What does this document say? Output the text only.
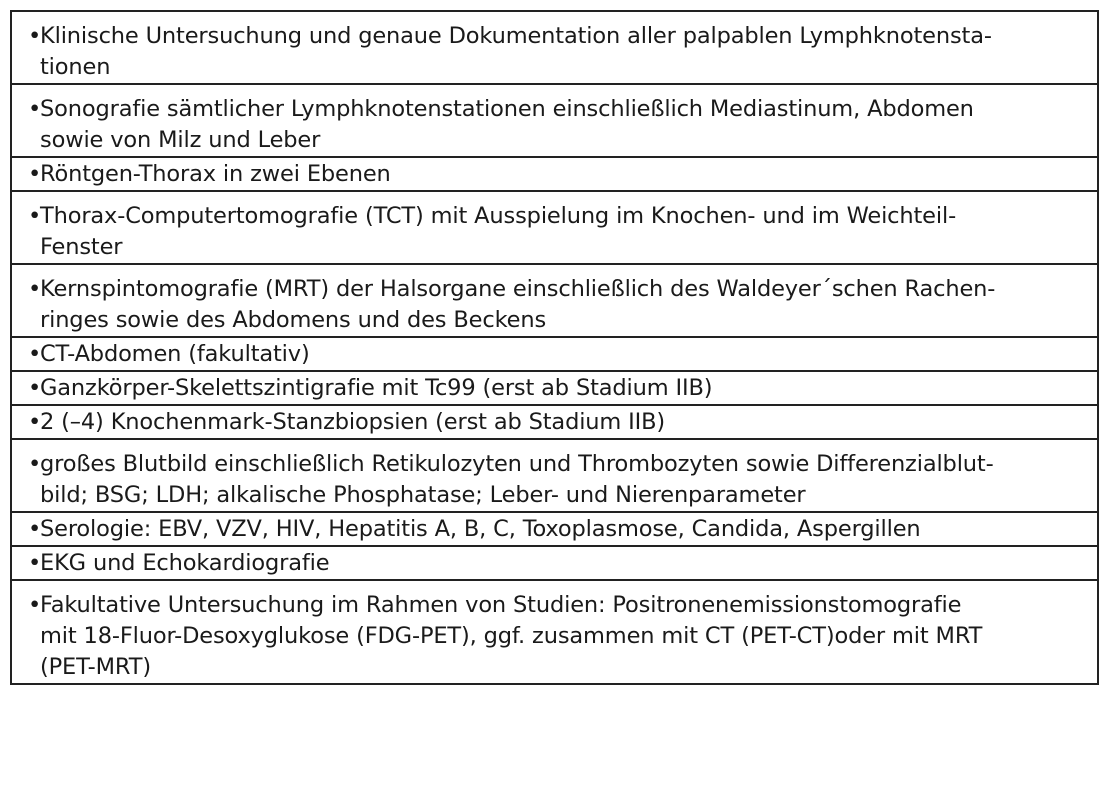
•
Klinische Untersuchung und genaue Dokumentation aller palpablen Lymphknotensta-
tionen

•
Sonografie sämtlicher Lymphknotenstationen einschließlich Mediastinum, Abdomen
sowie von Milz und Leber

•
Röntgen-Thorax in zwei Ebenen

•
Thorax-Computertomografie (TCT) mit Ausspielung im Knochen- und im Weichteil-
Fenster

•
Kernspintomografie (MRT) der Halsorgane einschließlich des Waldeyer´schen Rachen-
ringes sowie des Abdomens und des Beckens

•
CT-Abdomen (fakultativ)

•
Ganzkörper-Skelettszintigrafie mit Tc99 (erst ab Stadium IIB)

•
2 (–4) Knochenmark-Stanzbiopsien (erst ab Stadium IIB)

•
großes Blutbild einschließlich Retikulozyten und Thrombozyten sowie Differenzialblut-
bild; BSG; LDH; alkalische Phosphatase; Leber- und Nierenparameter

•
Serologie: EBV, VZV, HIV, Hepatitis A, B, C, Toxoplasmose, Candida, Aspergillen

•
EKG und Echokardiografie

•
Fakultative Untersuchung im Rahmen von Studien: Positronenemissionstomografie
mit 18-Fluor-Desoxyglukose (FDG-PET), ggf. zusammen mit CT (PET-CT)oder mit MRT
(PET-MRT)
